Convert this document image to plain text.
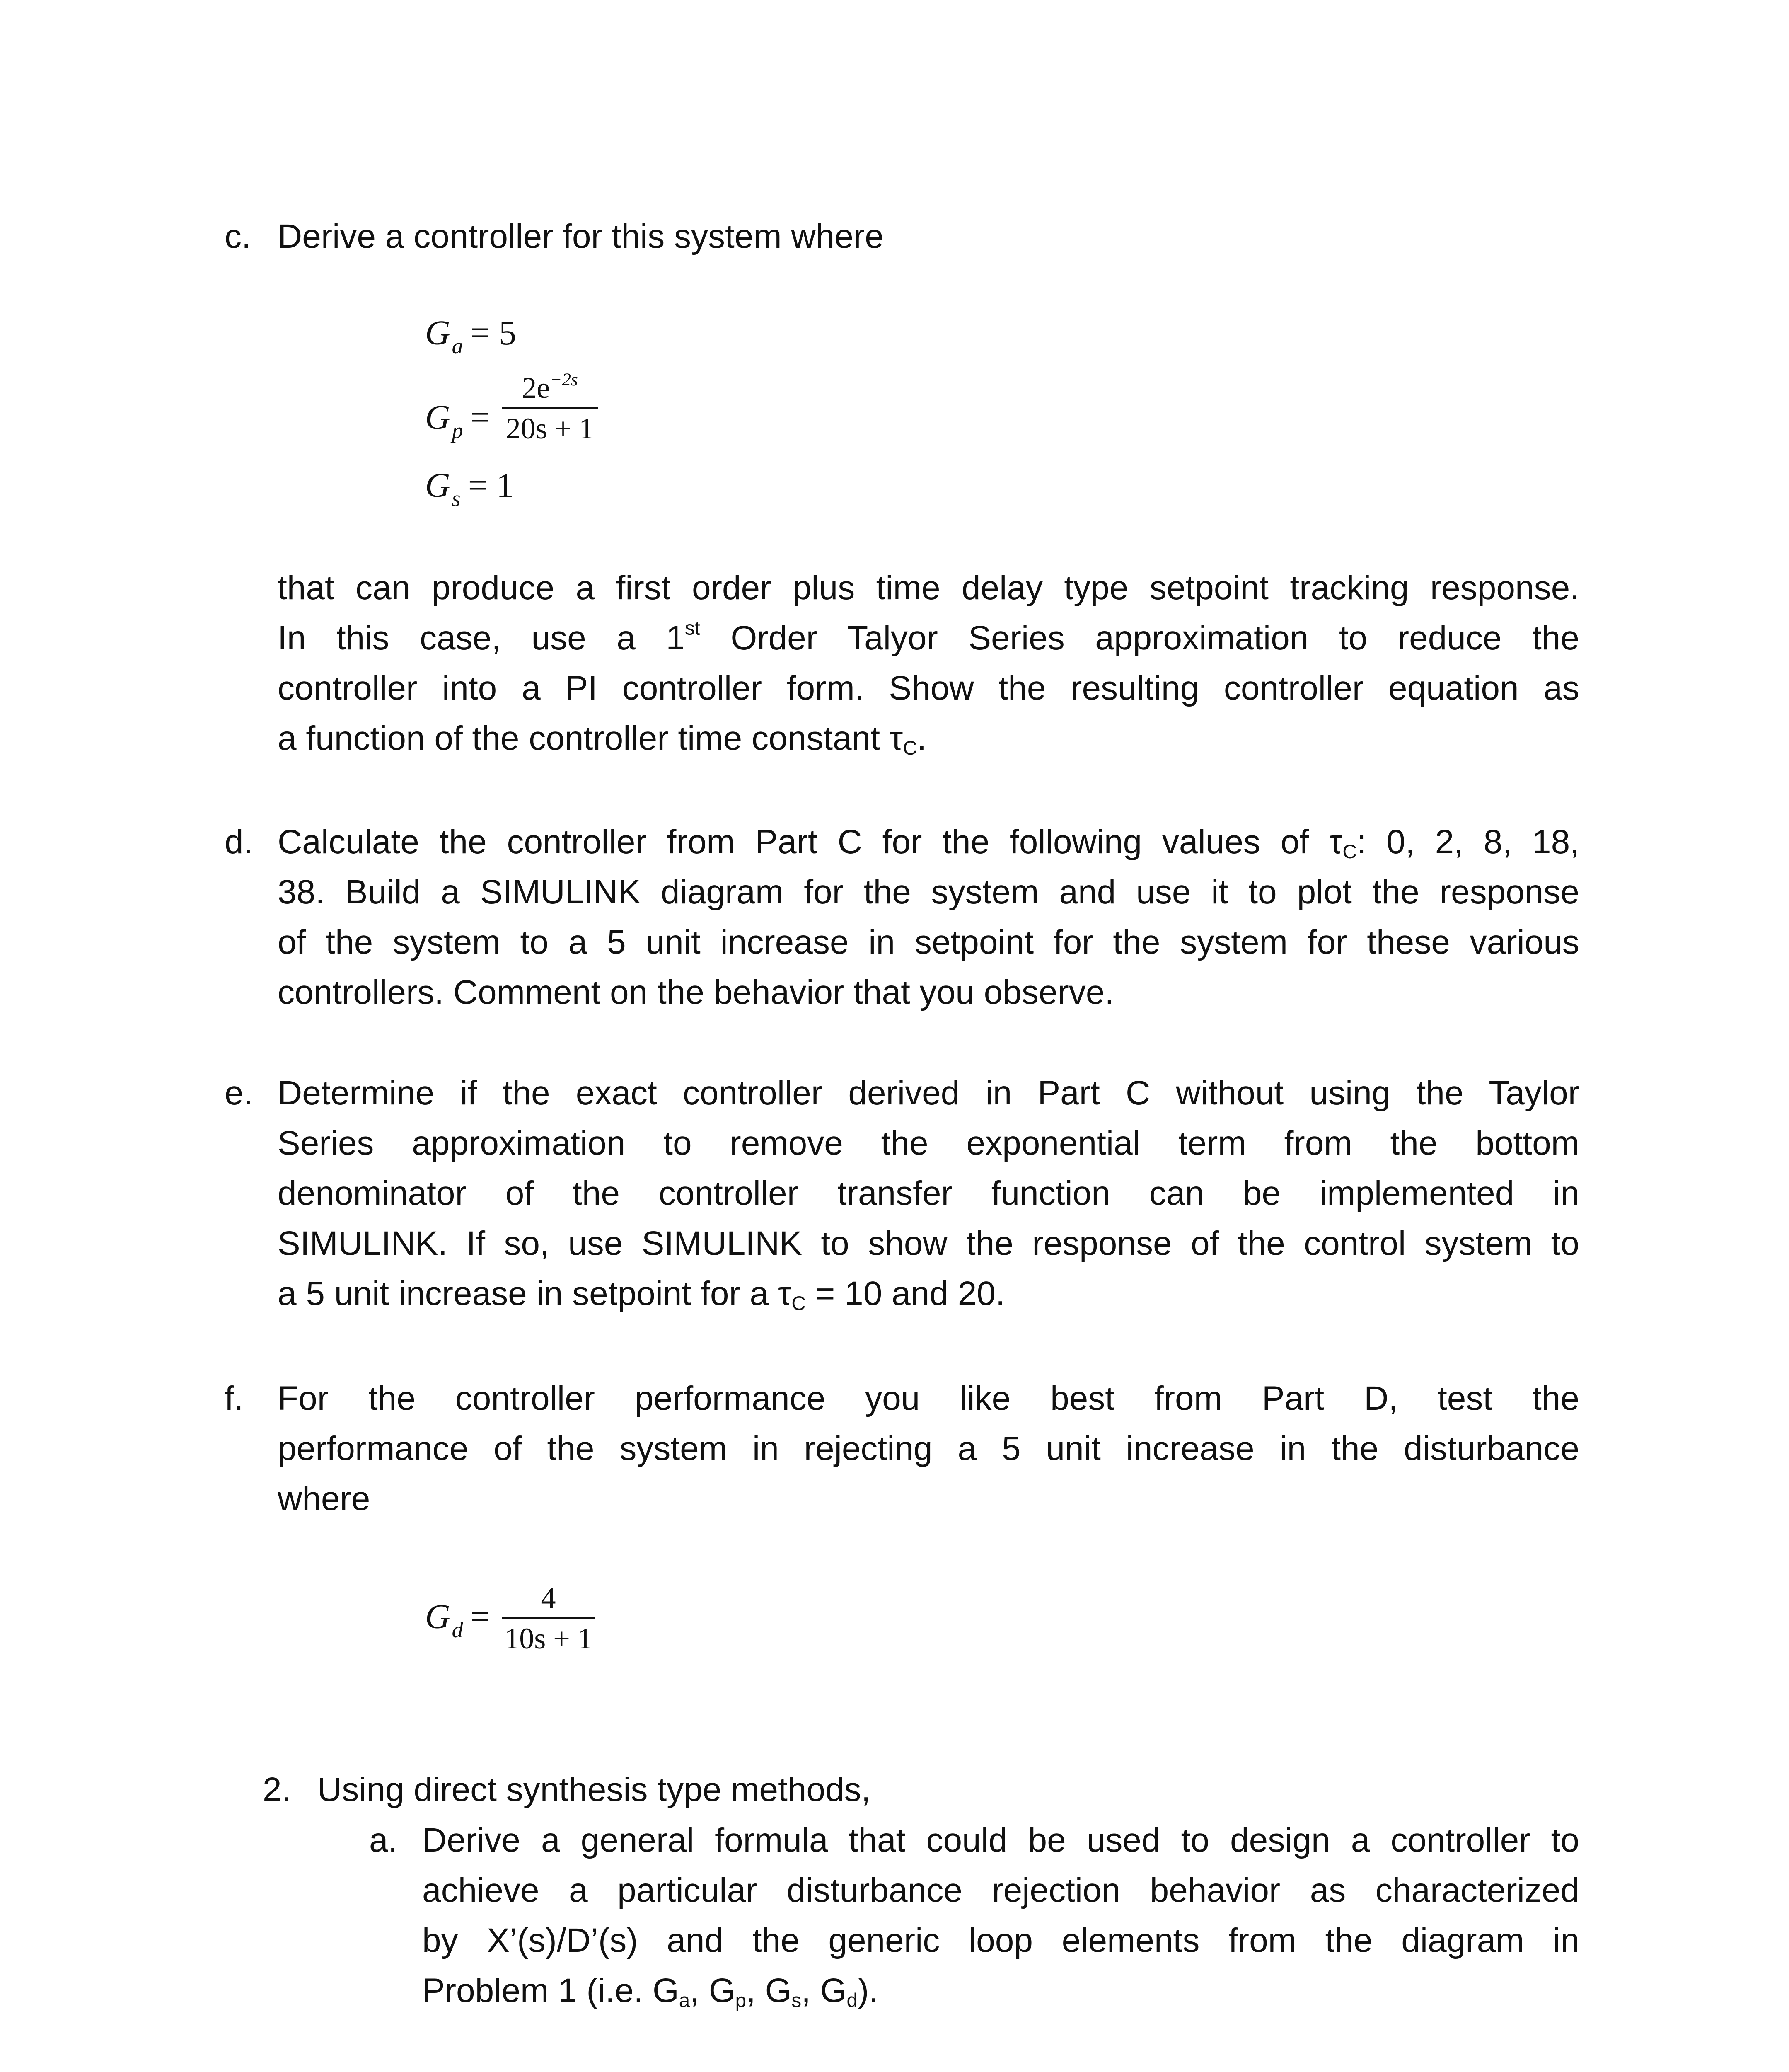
c. Derive a controller for this system where
$G_a = 5$
$G_p$ =
$2e^{-2s}$
20s + 1
$G_s = 1$
that can produce a first order plus time delay type setpoint tracking response.
In this case, use a 1st Order Talyor Series approximation to reduce the
controller into a PI controller form. Show the resulting controller equation as
a function of the controller time constant $\tau_C$.
d. Calculate the controller from Part C for the following values of $\tau_C$: 0, 2, 8, 18,
38. Build a SIMULINK diagram for the system and use it to plot the response
of the system to a 5 unit increase in setpoint for the system for these various
controllers. Comment on the behavior that you observe.
e. Determine if the exact controller derived in Part C without using the Taylor
Series approximation to remove the exponential term from the bottom
denominator of the controller transfer function can be implemented in
SIMULINK. If so, use SIMULINK to show the response of the control system to
a 5 unit increase in setpoint for a $\tau_C = 10$ and 20.
f. For the controller performance you like best from Part D, test the
performance of the system in rejecting a 5 unit increase in the disturbance
where
$G_d$ =	4
10s + 1
2. Using direct synthesis type methods,
a. Derive a general formula that could be used to design a controller to
achieve a particular disturbance rejection behavior as characterized
by X’(s)/D’(s) and the generic loop elements from the diagram in
Problem 1 (i.e. $G_a$, $G_p$, $G_s$, $G_d$).
